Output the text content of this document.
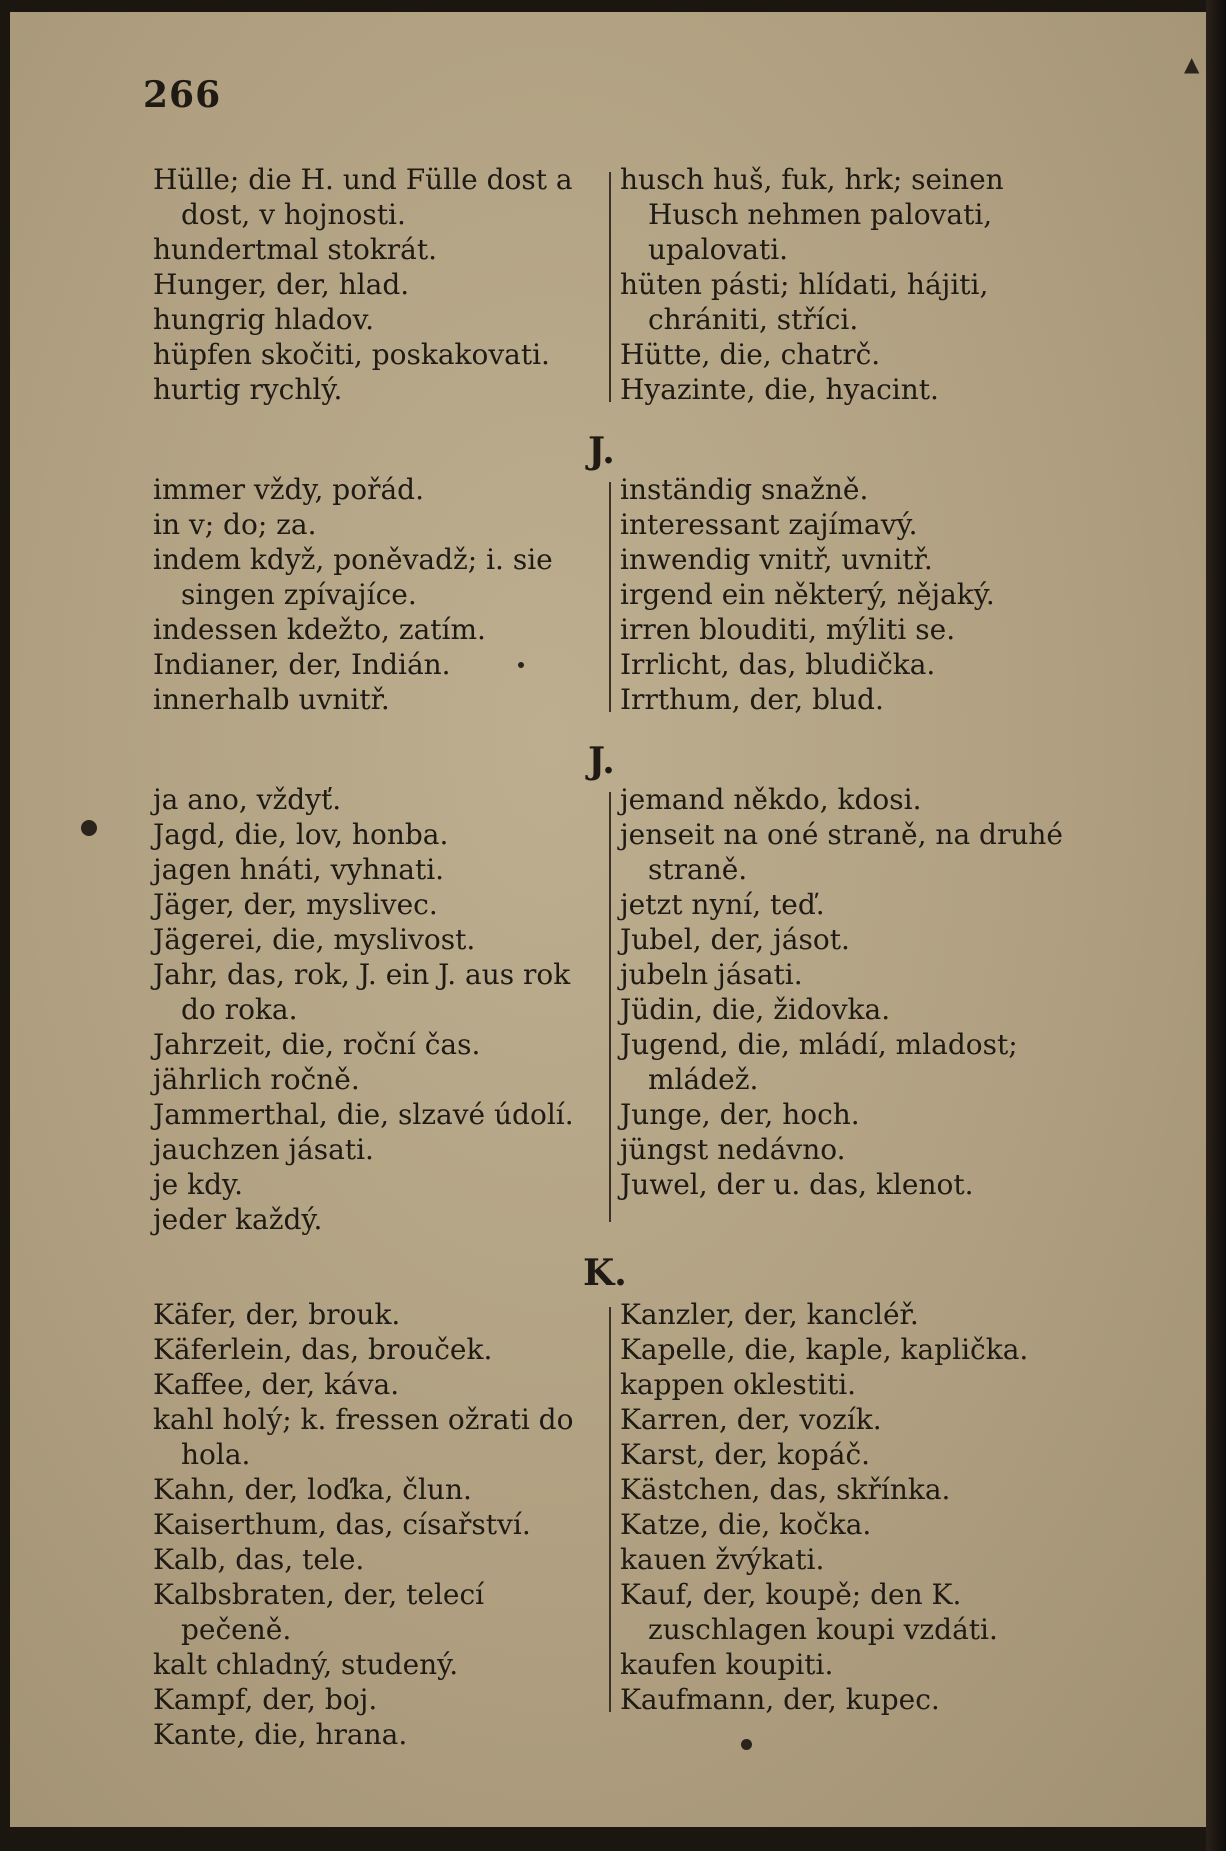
266
Hülle; die H. und Fülle dost a dost, v hojnosti.
hundertmal stokrát.
Hunger, der, hlad.
hungrig hladov.
hüpfen skočiti, poskakovati.
hurtig rychlý.
husch huš, fuk, hrk; seinen Husch nehmen palovati, upalovati.
hüten pásti; hlídati, hájiti, chrániti, stříci.
Hütte, die, chatrč.
Hyazinte, die, hyacint.
J.
immer vždy, pořád.
in v; do; za.
indem když, poněvadž; i. sie singen zpívajíce.
indessen kdežto, zatím.
Indianer, der, Indián.
innerhalb uvnitř.
inständig snažně.
interessant zajímavý.
inwendig vnitř, uvnitř.
irgend ein některý, nějaký.
irren blouditi, mýliti se.
Irrlicht, das, bludička.
Irrthum, der, blud.
J.
ja ano, vždyť.
Jagd, die, lov, honba.
jagen hnáti, vyhnati.
Jäger, der, myslivec.
Jägerei, die, myslivost.
Jahr, das, rok, J. ein J. aus rok do roka.
Jahrzeit, die, roční čas.
jährlich ročně.
Jammerthal, die, slzavé údolí.
jauchzen jásati.
je kdy.
jeder každý.
jemand někdo, kdosi.
jenseit na oné straně, na druhé straně.
jetzt nyní, teď.
Jubel, der, jásot.
jubeln jásati.
Jüdin, die, židovka.
Jugend, die, mládí, mladost; mládež.
Junge, der, hoch.
jüngst nedávno.
Juwel, der u. das, klenot.
K.
Käfer, der, brouk.
Käferlein, das, brouček.
Kaffee, der, káva.
kahl holý; k. fressen ožrati do hola.
Kahn, der, loďka, člun.
Kaiserthum, das, císařství.
Kalb, das, tele.
Kalbsbraten, der, telecí pečeně.
kalt chladný, studený.
Kampf, der, boj.
Kante, die, hrana.
Kanzler, der, kancléř.
Kapelle, die, kaple, kaplička.
kappen oklestiti.
Karren, der, vozík.
Karst, der, kopáč.
Kästchen, das, skřínka.
Katze, die, kočka.
kauen žvýkati.
Kauf, der, koupě; den K. zuschlagen koupi vzdáti.
kaufen koupiti.
Kaufmann, der, kupec.
▲
